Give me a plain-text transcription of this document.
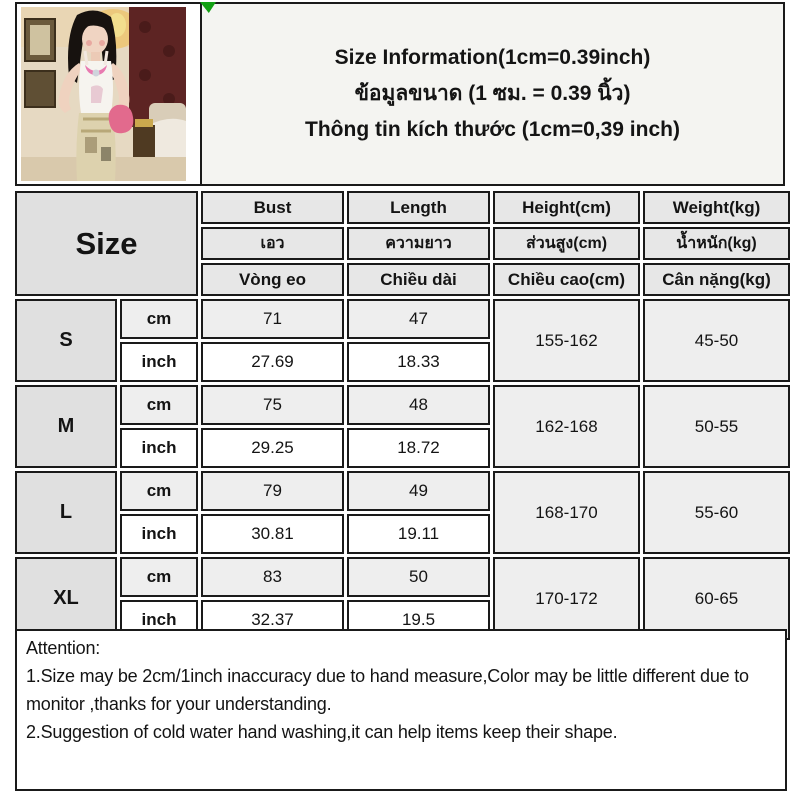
Size Information(1cm=0.39inch)
ข้อมูลขนาด (1 ซม. = 0.39 นิ้ว)
Thông tin kích thước (1cm=0,39 inch)
Size		Bust	Length	Height(cm)	Weight(kg)
		เอว	ความยาว	ส่วนสูง(cm)	น้ำหนัก(kg)
		Vòng eo	Chiều dài	Chiều cao(cm)	Cân nặng(kg)
S	cm	71	47	155-162	45-50
	inch	27.69	18.33		
M	cm	75	48	162-168	50-55
	inch	29.25	18.72		
L	cm	79	49	168-170	55-60
	inch	30.81	19.11		
XL	cm	83	50	170-172	60-65
	inch	32.37	19.5		
Attention:
1.Size may be 2cm/1inch inaccuracy due to hand measure,Color may be little different due to monitor ,thanks for your understanding.
2.Suggestion of cold water hand washing,it can help items keep their shape.
